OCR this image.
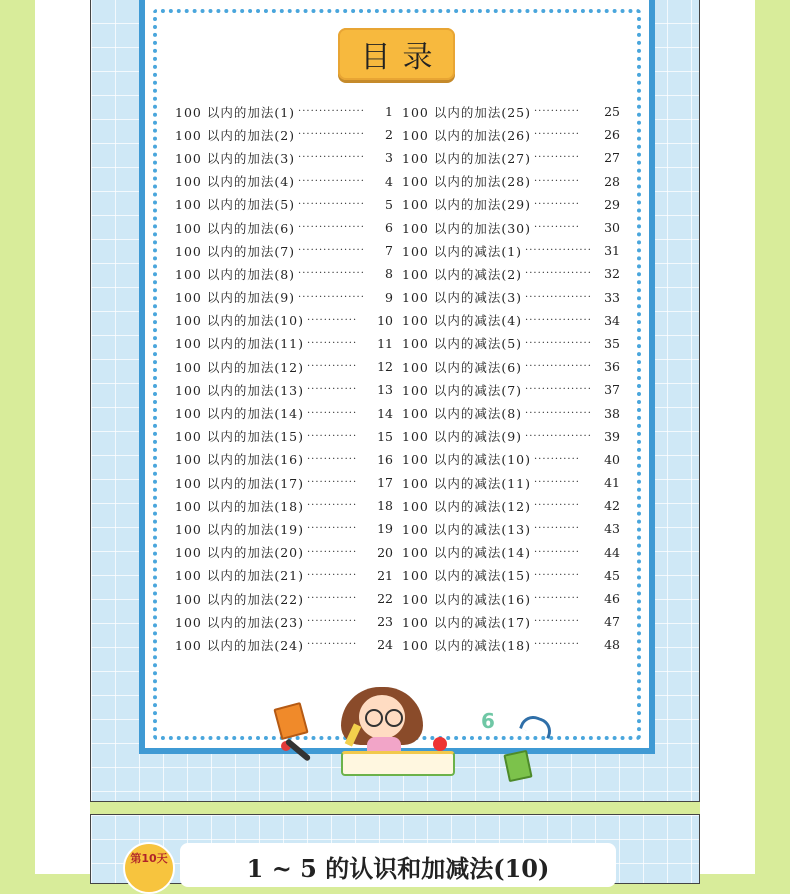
目录
100 以内的加法(1) ················	1
100 以内的加法(2) ················	2
100 以内的加法(3) ················	3
100 以内的加法(4) ················	4
100 以内的加法(5) ················	5
100 以内的加法(6) ················	6
100 以内的加法(7) ················	7
100 以内的加法(8) ················	8
100 以内的加法(9) ················	9
100 以内的加法(10) ············	10
100 以内的加法(11) ············	11
100 以内的加法(12) ············	12
100 以内的加法(13) ············	13
100 以内的加法(14) ············	14
100 以内的加法(15) ············	15
100 以内的加法(16) ············	16
100 以内的加法(17) ············	17
100 以内的加法(18) ············	18
100 以内的加法(19) ············	19
100 以内的加法(20) ············	20
100 以内的加法(21) ············	21
100 以内的加法(22) ············	22
100 以内的加法(23) ············	23
100 以内的加法(24) ············	24
100 以内的加法(25) ···········	25
100 以内的加法(26) ···········	26
100 以内的加法(27) ···········	27
100 以内的加法(28) ···········	28
100 以内的加法(29) ···········	29
100 以内的加法(30) ···········	30
100 以内的减法(1) ················ 31
100 以内的减法(2) ················ 32
100 以内的减法(3) ················ 33
100 以内的减法(4) ················ 34
100 以内的减法(5) ················ 35
100 以内的减法(6) ················ 36
100 以内的减法(7) ················ 37
100 以内的减法(8) ················ 38
100 以内的减法(9) ················ 39
100 以内的减法(10) ···········	40
100 以内的减法(11) ···········	41
100 以内的减法(12) ···········	42
100 以内的减法(13) ···········	43
100 以内的减法(14) ···········	44
100 以内的减法(15) ···········	45
100 以内的减法(16) ···········	46
100 以内的减法(17) ···········	47
100 以内的减法(18) ···········	48
6
第10天	1 ~ 5 的认识和加减法(10)
